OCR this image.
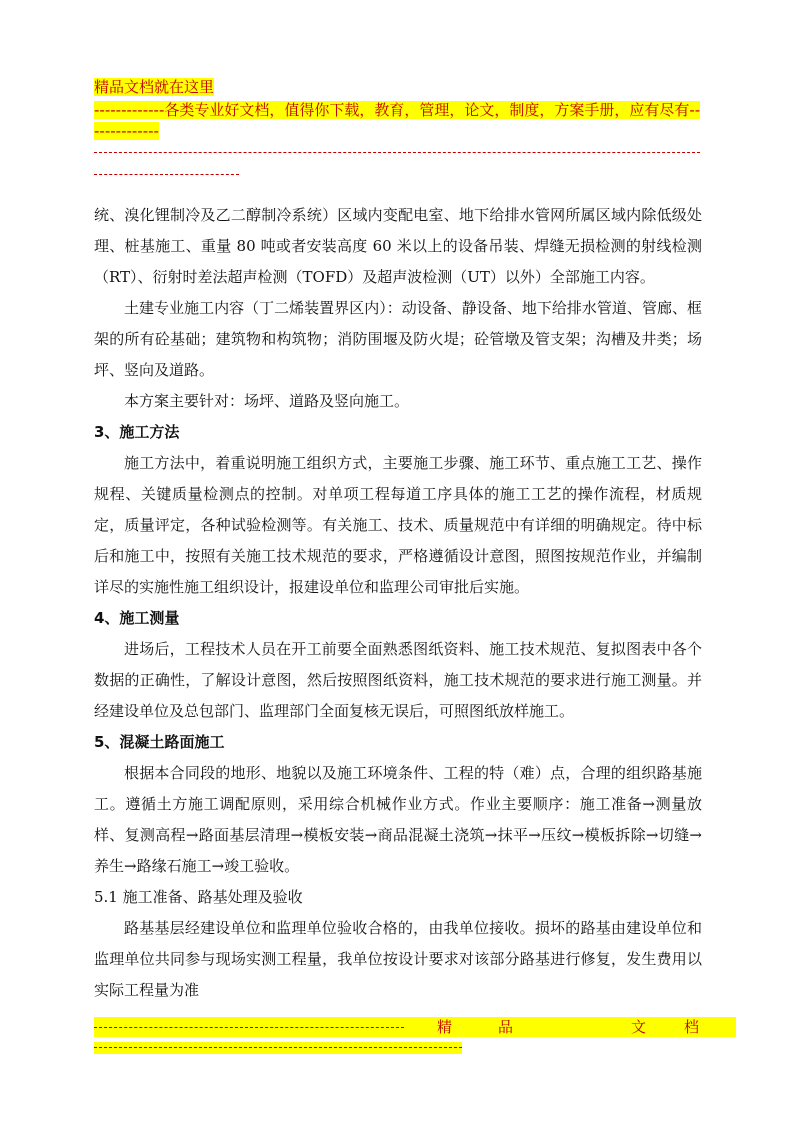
精品文档就在这里
-------------各类专业好文档，值得你下载，教育，管理，论文，制度，方案手册，应有尽有--------------

统、溴化锂制冷及乙二醇制冷系统）区域内变配电室、地下给排水管网所属区域内除低级处理、桩基施工、重量 80 吨或者安装高度 60 米以上的设备吊装、焊缝无损检测的射线检测（RT）、衍射时差法超声检测（TOFD）及超声波检测（UT）以外）全部施工内容。

土建专业施工内容（丁二烯装置界区内）：动设备、静设备、地下给排水管道、管廊、框架的所有砼基础；建筑物和构筑物；消防围堰及防火堤；砼管墩及管支架；沟槽及井类；场坪、竖向及道路。

本方案主要针对：场坪、道路及竖向施工。

3、施工方法

施工方法中，着重说明施工组织方式，主要施工步骤、施工环节、重点施工工艺、操作规程、关键质量检测点的控制。对单项工程每道工序具体的施工工艺的操作流程，材质规定，质量评定，各种试验检测等。有关施工、技术、质量规范中有详细的明确规定。待中标后和施工中，按照有关施工技术规范的要求，严格遵循设计意图，照图按规范作业，并编制详尽的实施性施工组织设计，报建设单位和监理公司审批后实施。

4、施工测量

进场后，工程技术人员在开工前要全面熟悉图纸资料、施工技术规范、复拟图表中各个数据的正确性，了解设计意图，然后按照图纸资料，施工技术规范的要求进行施工测量。并经建设单位及总包部门、监理部门全面复核无误后，可照图纸放样施工。

5、混凝土路面施工

根据本合同段的地形、地貌以及施工环境条件、工程的特（难）点，合理的组织路基施工。遵循土方施工调配原则，采用综合机械作业方式。作业主要顺序：施工准备→测量放样、复测高程→路面基层清理→模板安装→商品混凝土浇筑→抹平→压纹→模板拆除→切缝→养生→路缘石施工→竣工验收。

5.1 施工准备、路基处理及验收

路基基层经建设单位和监理单位验收合格的，由我单位接收。损坏的路基由建设单位和监理单位共同参与现场实测工程量，我单位按设计要求对该部分路基进行修复，发生费用以实际工程量为准

精	品	文	档
